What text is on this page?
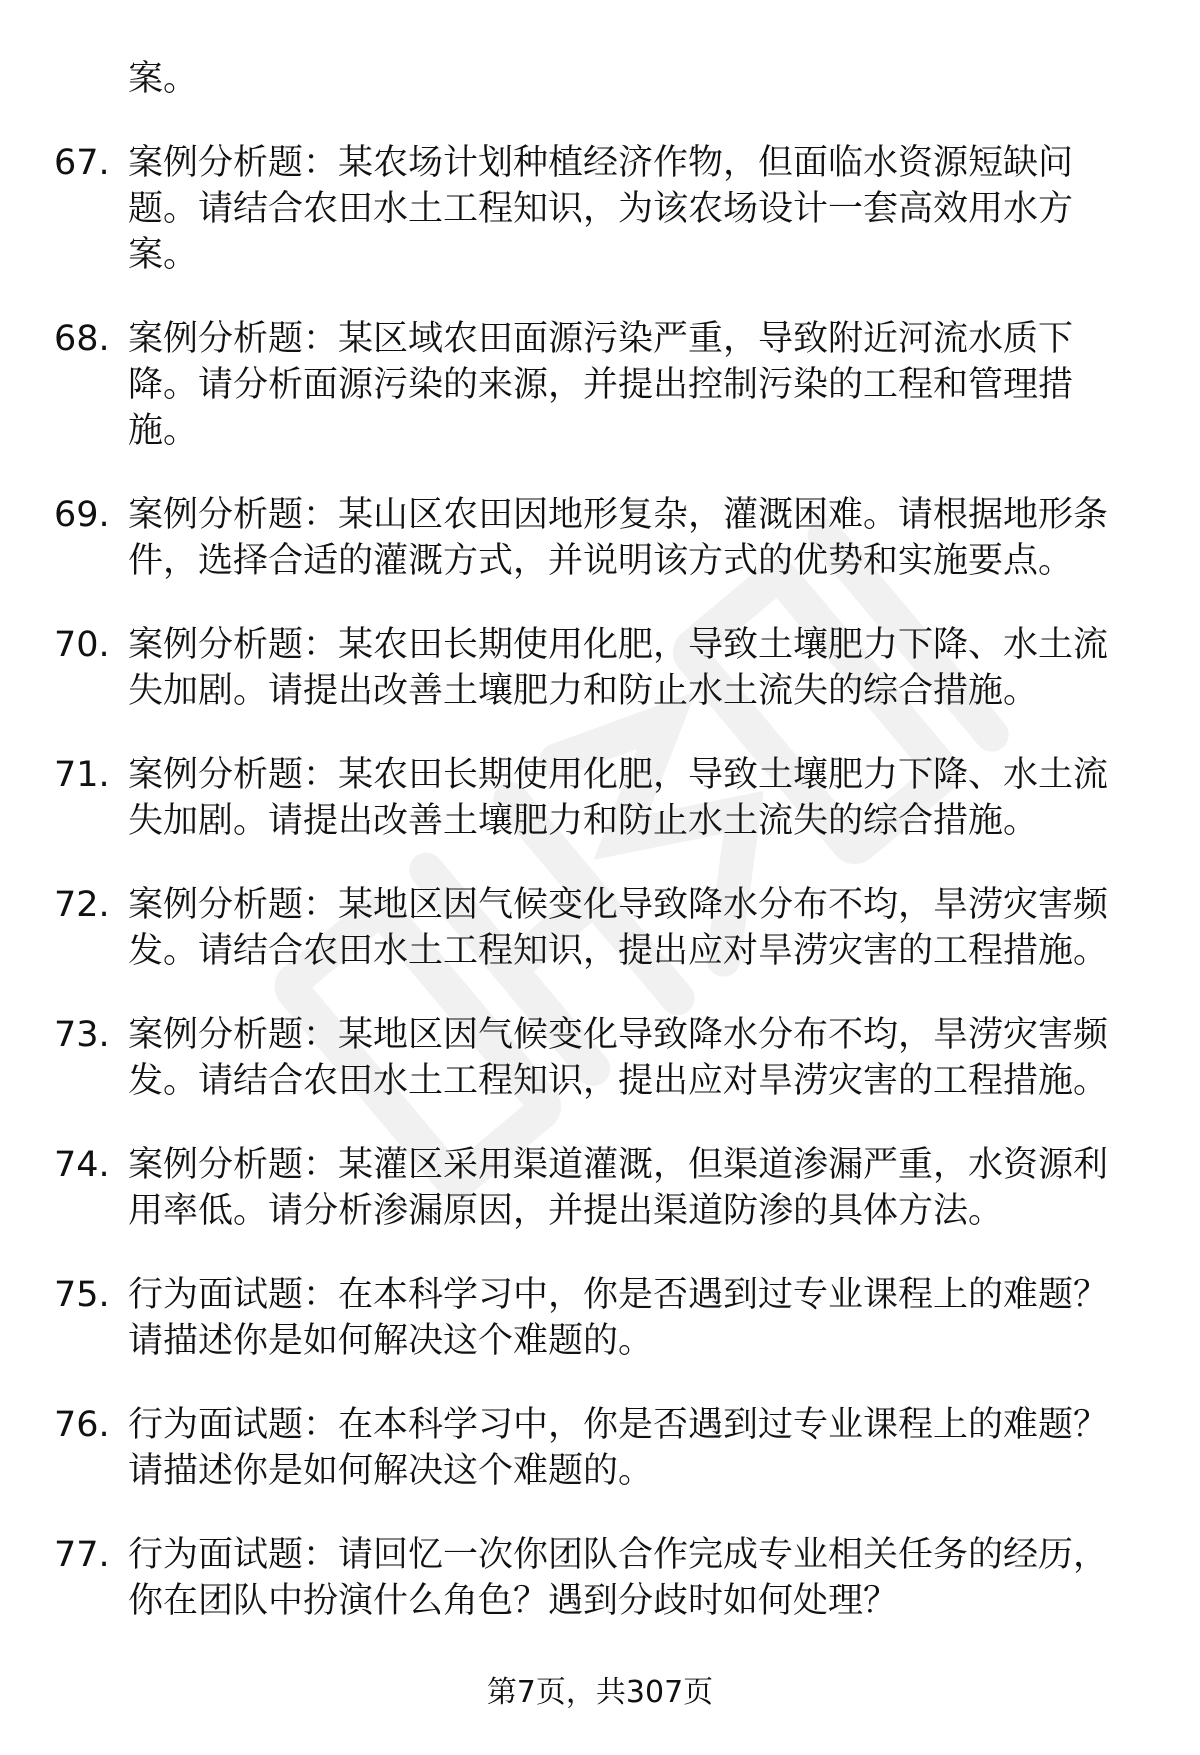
案。
67. 案例分析题：某农场计划种植经济作物，但面临水资源短缺问题。请结合农田水土工程知识，为该农场设计一套高效用水方案。
68. 案例分析题：某区域农田面源污染严重，导致附近河流水质下降。请分析面源污染的来源，并提出控制污染的工程和管理措施。
69. 案例分析题：某山区农田因地形复杂，灌溉困难。请根据地形条件，选择合适的灌溉方式，并说明该方式的优势和实施要点。
70. 案例分析题：某农田长期使用化肥，导致土壤肥力下降、水土流失加剧。请提出改善土壤肥力和防止水土流失的综合措施。
71. 案例分析题：某农田长期使用化肥，导致土壤肥力下降、水土流失加剧。请提出改善土壤肥力和防止水土流失的综合措施。
72. 案例分析题：某地区因气候变化导致降水分布不均，旱涝灾害频发。请结合农田水土工程知识，提出应对旱涝灾害的工程措施。
73. 案例分析题：某地区因气候变化导致降水分布不均，旱涝灾害频发。请结合农田水土工程知识，提出应对旱涝灾害的工程措施。
74. 案例分析题：某灌区采用渠道灌溉，但渠道渗漏严重，水资源利用率低。请分析渗漏原因，并提出渠道防渗的具体方法。
75. 行为面试题：在本科学习中，你是否遇到过专业课程上的难题？请描述你是如何解决这个难题的。
76. 行为面试题：在本科学习中，你是否遇到过专业课程上的难题？请描述你是如何解决这个难题的。
77. 行为面试题：请回忆一次你团队合作完成专业相关任务的经历，你在团队中扮演什么角色？遇到分歧时如何处理？
第7页，共307页
